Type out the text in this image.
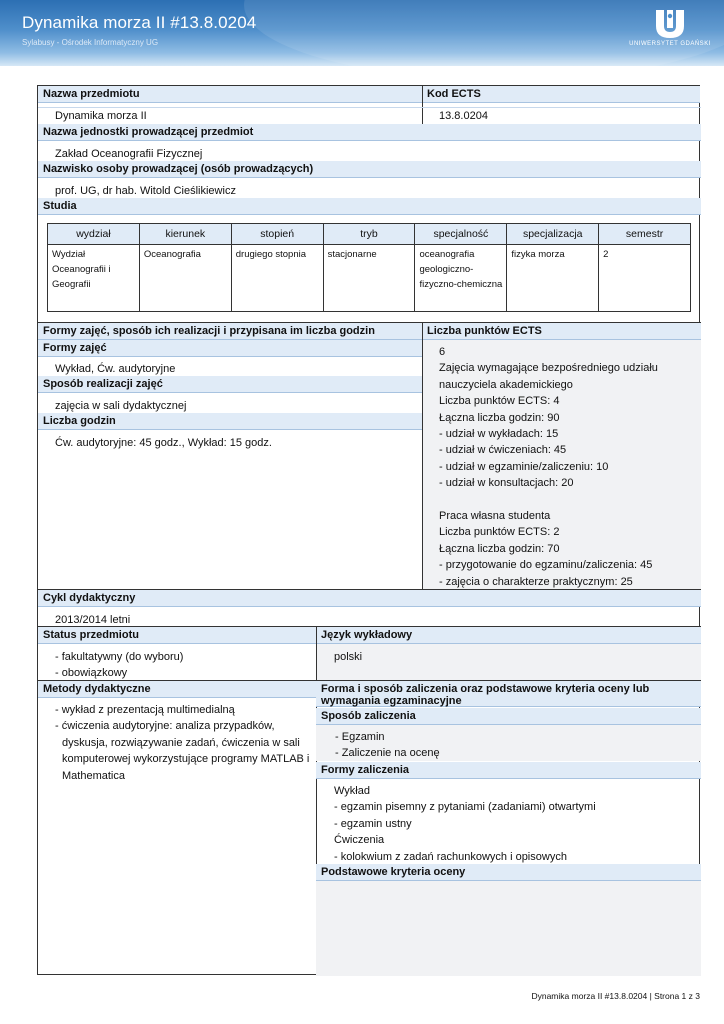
Dynamika morza II #13.8.0204
Sylabusy - Ośrodek Informatyczny UG	UNIWERSYTET GDAŃSKI
Nazwa przedmiotu	Kod ECTS
Dynamika morza II	13.8.0204
Nazwa jednostki prowadzącej przedmiot
Zakład Oceanografii Fizycznej
Nazwisko osoby prowadzącej (osób prowadzących)
prof. UG, dr hab. Witold Cieślikiewicz
Studia
wydział	kierunek	stopień	tryb	specjalność	specjalizacja	semestr
Wydział Oceanografii i Geografii	Oceanografia	drugiego stopnia	stacjonarne	oceanografia geologiczno-fizyczno-chemiczna	fizyka morza	2
Formy zajęć, sposób ich realizacji i przypisana im liczba godzin	Liczba punktów ECTS
Formy zajęć
Wykład, Ćw. audytoryjne
Sposób realizacji zajęć
zajęcia w sali dydaktycznej
Liczba godzin
Ćw. audytoryjne: 45 godz., Wykład: 15 godz.
6
Zajęcia wymagające bezpośredniego udziału
nauczyciela akademickiego
Liczba punktów ECTS: 4
Łączna liczba godzin: 90
- udział w wykładach: 15
- udział w ćwiczeniach: 45
- udział w egzaminie/zaliczeniu: 10
- udział w konsultacjach: 20
Praca własna studenta
Liczba punktów ECTS: 2
Łączna liczba godzin: 70
- przygotowanie do egzaminu/zaliczenia: 45
- zajęcia o charakterze praktycznym: 25
Cykl dydaktyczny
2013/2014 letni
Status przedmiotu	Język wykładowy
- fakultatywny (do wyboru)
- obowiązkowy
polski
Metody dydaktyczne
- wykład z prezentacją multimedialną
- ćwiczenia audytoryjne: analiza przypadków, dyskusja, rozwiązywanie zadań, ćwiczenia w sali komputerowej wykorzystujące programy MATLAB i Mathematica
Forma i sposób zaliczenia oraz podstawowe kryteria oceny lub wymagania egzaminacyjne
Sposób zaliczenia
- Egzamin
- Zaliczenie na ocenę
Formy zaliczenia
Wykład
- egzamin pisemny z pytaniami (zadaniami) otwartymi
- egzamin ustny
Ćwiczenia
- kolokwium z zadań rachunkowych i opisowych
Podstawowe kryteria oceny
Dynamika morza II #13.8.0204 | Strona 1 z 3
